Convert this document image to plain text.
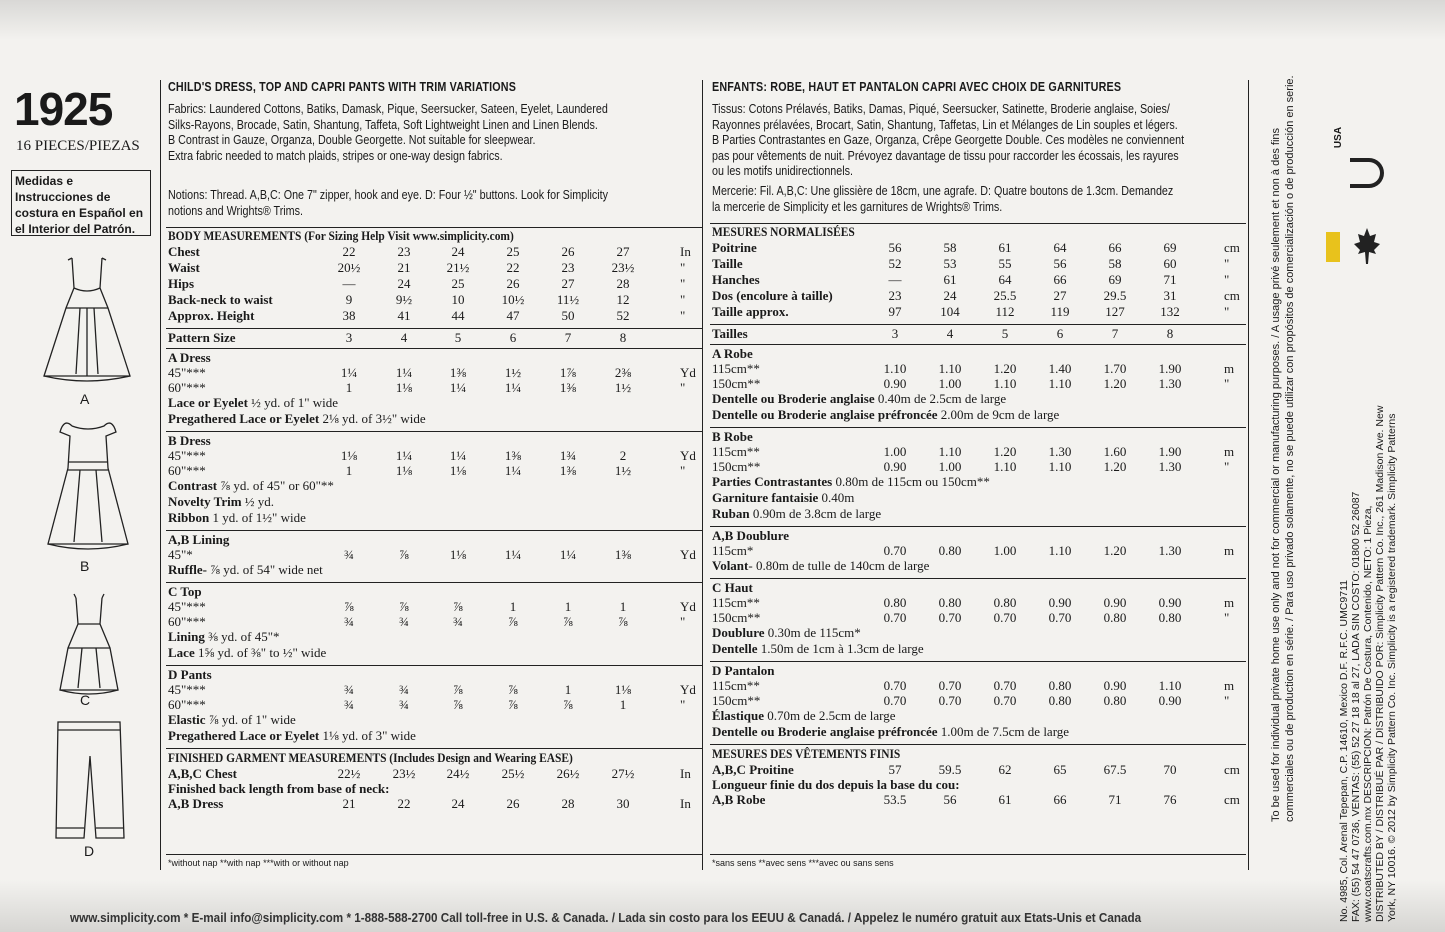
1925
16 PIECES/PIEZAS
Medidas e Instrucciones de costura en Español en el Interior del Patrón.
A
B
C
D
CHILD'S DRESS, TOP AND CAPRI PANTS WITH TRIM VARIATIONS
Fabrics: Laundered Cottons, Batiks, Damask, Pique, Seersucker, Sateen, Eyelet, Laundered
Silks-Rayons, Brocade, Satin, Shantung, Taffeta, Soft Lightweight Linen and Linen Blends.
B Contrast in Gauze, Organza, Double Georgette. Not suitable for sleepwear.
Extra fabric needed to match plaids, stripes or one-way design fabrics.
Notions: Thread. A,B,C: One 7" zipper, hook and eye. D: Four ½" buttons. Look for Simplicity
notions and Wrights® Trims.
BODY MEASUREMENTS (For Sizing Help Visit www.simplicity.com)
Chest	22	23	24	25	26	27	In
Waist	20½	21	21½	22	23	23½	"
Hips	—	24	25	26	27	28	"
Back-neck to waist	9	9½	10	10½	11½	12	"
Approx. Height	38	41	44	47	50	52	"
Pattern Size	3	4	5	6	7	8
A Dress
45"***	1¼	1¼	1⅜	1½	1⅞	2⅜	Yd
60"***	1	1⅛	1¼	1¼	1⅜	1½	"
Lace or Eyelet ½ yd. of 1" wide
Pregathered Lace or Eyelet 2⅛ yd. of 3½" wide
B Dress
45"***	1⅛	1¼	1¼	1⅜	1¾	2	Yd
60"***	1	1⅛	1⅛	1¼	1⅜	1½	"
Contrast ⅞ yd. of 45" or 60"**
Novelty Trim ½ yd.
Ribbon 1 yd. of 1½" wide
A,B Lining
45"*	¾	⅞	1⅛	1¼	1¼	1⅜	Yd
Ruffle- ⅞ yd. of 54" wide net
C Top
45"***	⅞	⅞	⅞	1	1	1	Yd
60"***	¾	¾	¾	⅞	⅞	⅞	"
Lining ⅜ yd. of 45"*
Lace 1⅝ yd. of ⅜" to ½" wide
D Pants
45"***	¾	¾	⅞	⅞	1	1⅛	Yd
60"***	¾	¾	⅞	⅞	⅞	1	"
Elastic ⅞ yd. of 1" wide
Pregathered Lace or Eyelet 1⅛ yd. of 3" wide
FINISHED GARMENT MEASUREMENTS (Includes Design and Wearing EASE)
A,B,C Chest	22½	23½	24½	25½	26½	27½	In
Finished back length from base of neck:
A,B Dress	21	22	24	26	28	30	In
*without nap **with nap ***with or without nap
ENFANTS: ROBE, HAUT ET PANTALON CAPRI AVEC CHOIX DE GARNITURES
Tissus: Cotons Prélavés, Batiks, Damas, Piqué, Seersucker, Satinette, Broderie anglaise, Soies/
Rayonnes prélavées, Brocart, Satin, Shantung, Taffetas, Lin et Mélanges de Lin souples et légers.
B Parties Contrastantes en Gaze, Organza, Crêpe Georgette Double. Ces modèles ne conviennent
pas pour vêtements de nuit. Prévoyez davantage de tissu pour raccorder les écossais, les rayures
ou les motifs unidirectionnels.
Mercerie: Fil. A,B,C: Une glissière de 18cm, une agrafe. D: Quatre boutons de 1.3cm. Demandez
la mercerie de Simplicity et les garnitures de Wrights® Trims.
MESURES NORMALISÉES
Poitrine	56	58	61	64	66	69	cm
Taille	52	53	55	56	58	60	"
Hanches	—	61	64	66	69	71	"
Dos (encolure à taille)	23	24	25.5	27	29.5	31	cm
Taille approx.	97	104	112	119	127	132	"
Tailles	3	4	5	6	7	8
A Robe
115cm**	1.10	1.10	1.20	1.40	1.70	1.90	m
150cm**	0.90	1.00	1.10	1.10	1.20	1.30	"
Dentelle ou Broderie anglaise 0.40m de 2.5cm de large
Dentelle ou Broderie anglaise préfroncée 2.00m de 9cm de large
B Robe
115cm**	1.00	1.10	1.20	1.30	1.60	1.90	m
150cm**	0.90	1.00	1.10	1.10	1.20	1.30	"
Parties Contrastantes 0.80m de 115cm ou 150cm**
Garniture fantaisie 0.40m
Ruban 0.90m de 3.8cm de large
A,B Doublure
115cm*	0.70	0.80	1.00	1.10	1.20	1.30	m
Volant- 0.80m de tulle de 140cm de large
C Haut
115cm**	0.80	0.80	0.80	0.90	0.90	0.90	m
150cm**	0.70	0.70	0.70	0.70	0.80	0.80	"
Doublure 0.30m de 115cm*
Dentelle 1.50m de 1cm à 1.3cm de large
D Pantalon
115cm**	0.70	0.70	0.70	0.80	0.90	1.10	m
150cm**	0.70	0.70	0.70	0.80	0.80	0.90	"
Élastique 0.70m de 2.5cm de large
Dentelle ou Broderie anglaise préfroncée 1.00m de 7.5cm de large
MESURES DES VÊTEMENTS FINIS
A,B,C Proitine	57	59.5	62	65	67.5	70	cm
Longueur finie du dos depuis la base du cou:
A,B Robe	53.5	56	61	66	71	76	cm
*sans sens **avec sens ***avec ou sans sens
To be used for individual private home use only and not for commercial or manufacturing purposes. / A usage privé seulement et non à des fins commerciales ou de production en série. / Para uso privado solamente, no se puede utilizar con propósitos de comercialización o de producción en serie.	No. 4985, Col. Arenal Tepepan, C.P. 14610, Mexico D.F. R.F.C. UMC9711 FAX: (55) 54 47 0736, VENTAS: (55) 52 27 18 18 al 27, LADA SIN COSTO: 01800 52 26087 www.coatscrafts.com.mx DESCRIPCION: Patrón De Costura, Contenido, NETO: 1 Pieza, DISTRIBUTED BY / DISTRIBUÉ PAR / DISTRIBUIDO POR: Simplicity Pattern Co. Inc., 261 Madison Ave. New York, NY 10016. © 2012 by Simplicity Pattern Co. Inc. Simplicity is a registered trademark. Simplicity Patterns
USA
www.simplicity.com * E-mail info@simplicity.com * 1-888-588-2700 Call toll-free in U.S. & Canada. / Lada sin costo para los EEUU & Canadá. / Appelez le numéro gratuit aux Etats-Unis et Canada
